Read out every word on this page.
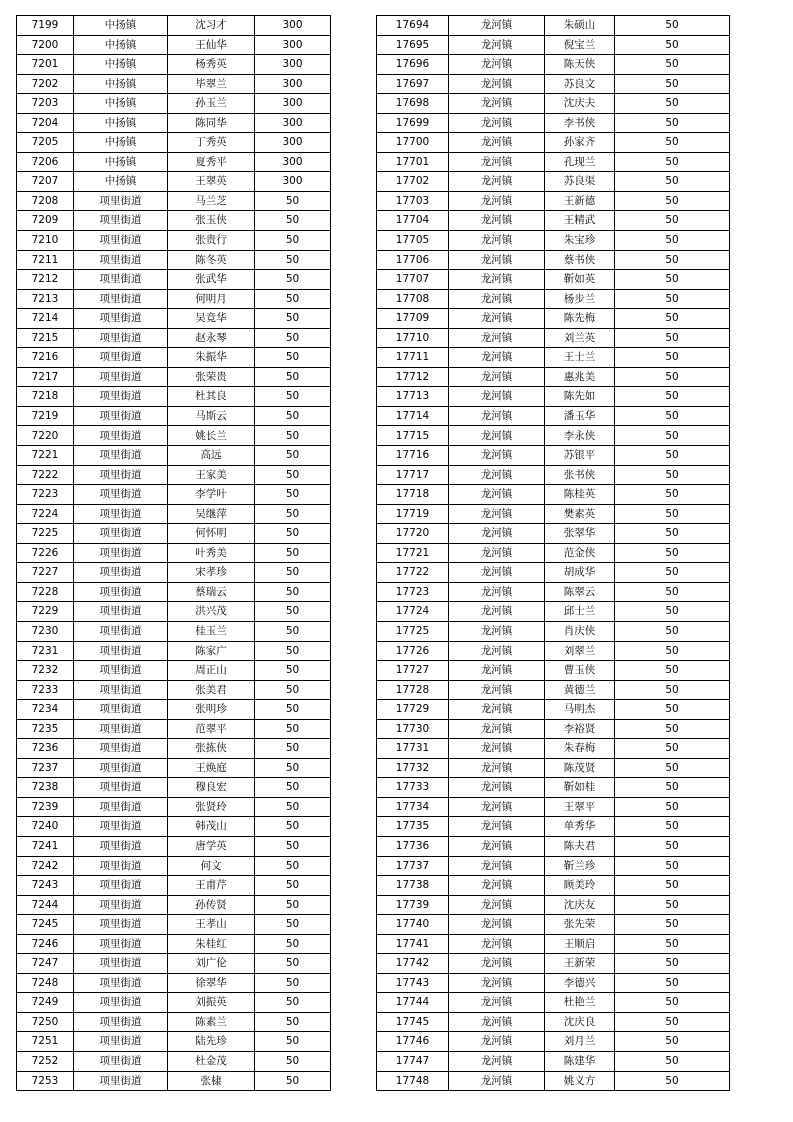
7199	中扬镇	沈习才	300
7200	中扬镇	王仙华	300
7201	中扬镇	杨秀英	300
7202	中扬镇	毕翠兰	300
7203	中扬镇	孙玉兰	300
7204	中扬镇	陈同华	300
7205	中扬镇	丁秀英	300
7206	中扬镇	夏秀平	300
7207	中扬镇	王翠英	300
7208	项里街道	马兰芝	50
7209	项里街道	张玉侠	50
7210	项里街道	张贵行	50
7211	项里街道	陈冬英	50
7212	项里街道	张武华	50
7213	项里街道	何明月	50
7214	项里街道	吴竞华	50
7215	项里街道	赵永琴	50
7216	项里街道	朱振华	50
7217	项里街道	张荣贵	50
7218	项里街道	杜其良	50
7219	项里街道	马斯云	50
7220	项里街道	姚长兰	50
7221	项里街道	高远	50
7222	项里街道	王家美	50
7223	项里街道	李学叶	50
7224	项里街道	吴继萍	50
7225	项里街道	何怀明	50
7226	项里街道	叶秀美	50
7227	项里街道	宋孝珍	50
7228	项里街道	蔡瑞云	50
7229	项里街道	洪兴茂	50
7230	项里街道	桂玉兰	50
7231	项里街道	陈家广	50
7232	项里街道	周正山	50
7233	项里街道	张美君	50
7234	项里街道	张明珍	50
7235	项里街道	范翠平	50
7236	项里街道	张拣侠	50
7237	项里街道	王焕庭	50
7238	项里街道	穆良宏	50
7239	项里街道	张贤玲	50
7240	项里街道	韩茂山	50
7241	项里街道	唐学英	50
7242	项里街道	何文	50
7243	项里街道	王甫芹	50
7244	项里街道	孙传贤	50
7245	项里街道	王孝山	50
7246	项里街道	朱桂红	50
7247	项里街道	刘广伦	50
7248	项里街道	徐翠华	50
7249	项里街道	刘振英	50
7250	项里街道	陈素兰	50
7251	项里街道	陆先珍	50
7252	项里街道	杜金茂	50
7253	项里街道	张棣	50
17694	龙河镇	朱硕山	50
17695	龙河镇	倪宝兰	50
17696	龙河镇	陈天侠	50
17697	龙河镇	苏良文	50
17698	龙河镇	沈庆夫	50
17699	龙河镇	李书侠	50
17700	龙河镇	孙家齐	50
17701	龙河镇	孔现兰	50
17702	龙河镇	苏良渠	50
17703	龙河镇	王新德	50
17704	龙河镇	王精武	50
17705	龙河镇	朱宝珍	50
17706	龙河镇	蔡书侠	50
17707	龙河镇	靳如英	50
17708	龙河镇	杨步兰	50
17709	龙河镇	陈先梅	50
17710	龙河镇	刘兰英	50
17711	龙河镇	王士兰	50
17712	龙河镇	惠兆美	50
17713	龙河镇	陈先如	50
17714	龙河镇	潘玉华	50
17715	龙河镇	李永侠	50
17716	龙河镇	苏银平	50
17717	龙河镇	张书侠	50
17718	龙河镇	陈桂英	50
17719	龙河镇	樊素英	50
17720	龙河镇	张翠华	50
17721	龙河镇	范金侠	50
17722	龙河镇	胡成华	50
17723	龙河镇	陈翠云	50
17724	龙河镇	邱士兰	50
17725	龙河镇	肖庆侠	50
17726	龙河镇	刘翠兰	50
17727	龙河镇	曹玉侠	50
17728	龙河镇	黄德兰	50
17729	龙河镇	马明杰	50
17730	龙河镇	李裕贤	50
17731	龙河镇	朱春梅	50
17732	龙河镇	陈茂贤	50
17733	龙河镇	靳如桂	50
17734	龙河镇	王翠平	50
17735	龙河镇	单秀华	50
17736	龙河镇	陈夫君	50
17737	龙河镇	靳兰珍	50
17738	龙河镇	顾美玲	50
17739	龙河镇	沈庆友	50
17740	龙河镇	张先荣	50
17741	龙河镇	王顺启	50
17742	龙河镇	王新荣	50
17743	龙河镇	李德兴	50
17744	龙河镇	杜艳兰	50
17745	龙河镇	沈庆良	50
17746	龙河镇	刘月兰	50
17747	龙河镇	陈建华	50
17748	龙河镇	姚义方	50
